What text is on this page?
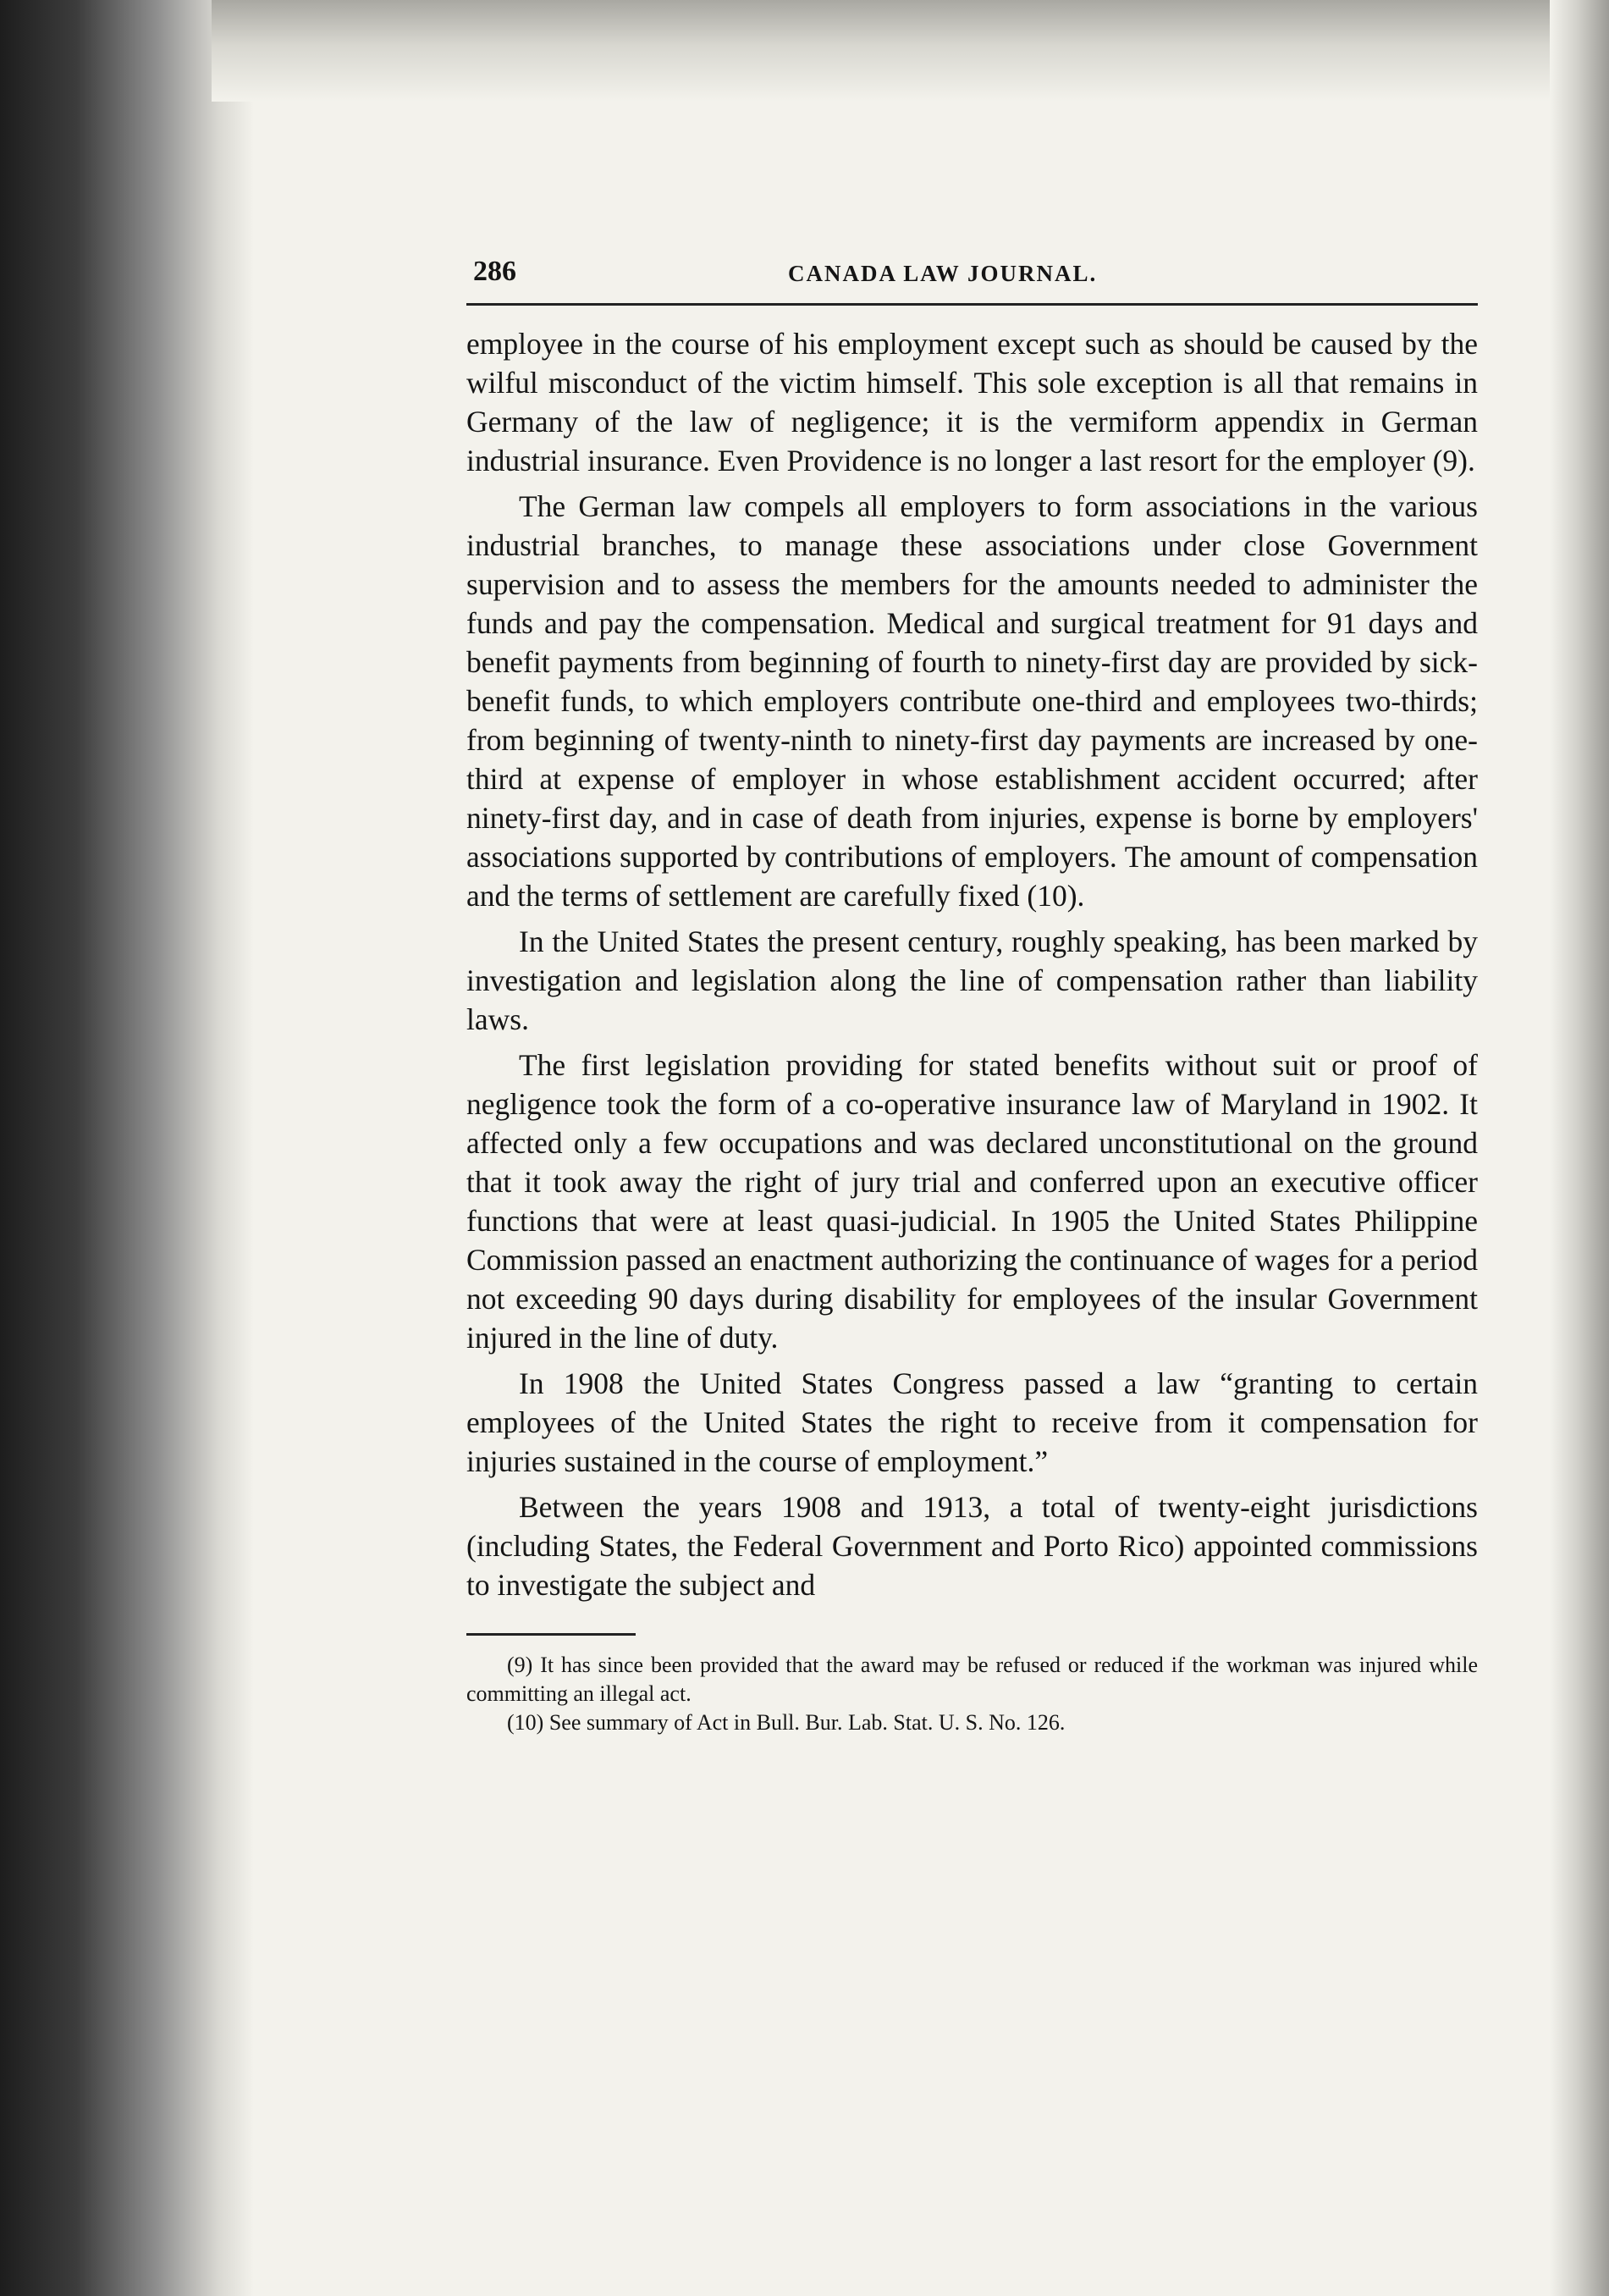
286	CANADA LAW JOURNAL.

employee in the course of his employment except such as should be caused by the wilful misconduct of the victim himself. This sole exception is all that remains in Germany of the law of negligence; it is the vermiform appendix in German industrial insurance. Even Providence is no longer a last resort for the employer (9).

The German law compels all employers to form associations in the various industrial branches, to manage these associations under close Government supervision and to assess the members for the amounts needed to administer the funds and pay the compensation. Medical and surgical treatment for 91 days and benefit payments from beginning of fourth to ninety-first day are provided by sick-benefit funds, to which employers contribute one-third and employees two-thirds; from beginning of twenty-ninth to ninety-first day payments are increased by one-third at expense of employer in whose establishment accident occurred; after ninety-first day, and in case of death from injuries, expense is borne by employers' associations supported by contributions of employers. The amount of compensation and the terms of settlement are carefully fixed (10).

In the United States the present century, roughly speaking, has been marked by investigation and legislation along the line of compensation rather than liability laws.

The first legislation providing for stated benefits without suit or proof of negligence took the form of a co-operative insurance law of Maryland in 1902. It affected only a few occupations and was declared unconstitutional on the ground that it took away the right of jury trial and conferred upon an executive officer functions that were at least quasi-judicial. In 1905 the United States Philippine Commission passed an enactment authorizing the continuance of wages for a period not exceeding 90 days during disability for employees of the insular Government injured in the line of duty.

In 1908 the United States Congress passed a law “granting to certain employees of the United States the right to receive from it compensation for injuries sustained in the course of employment.”

Between the years 1908 and 1913, a total of twenty-eight jurisdictions (including States, the Federal Government and Porto Rico) appointed commissions to investigate the subject and

(9) It has since been provided that the award may be refused or reduced if the workman was injured while committing an illegal act.

(10) See summary of Act in Bull. Bur. Lab. Stat. U. S. No. 126.
